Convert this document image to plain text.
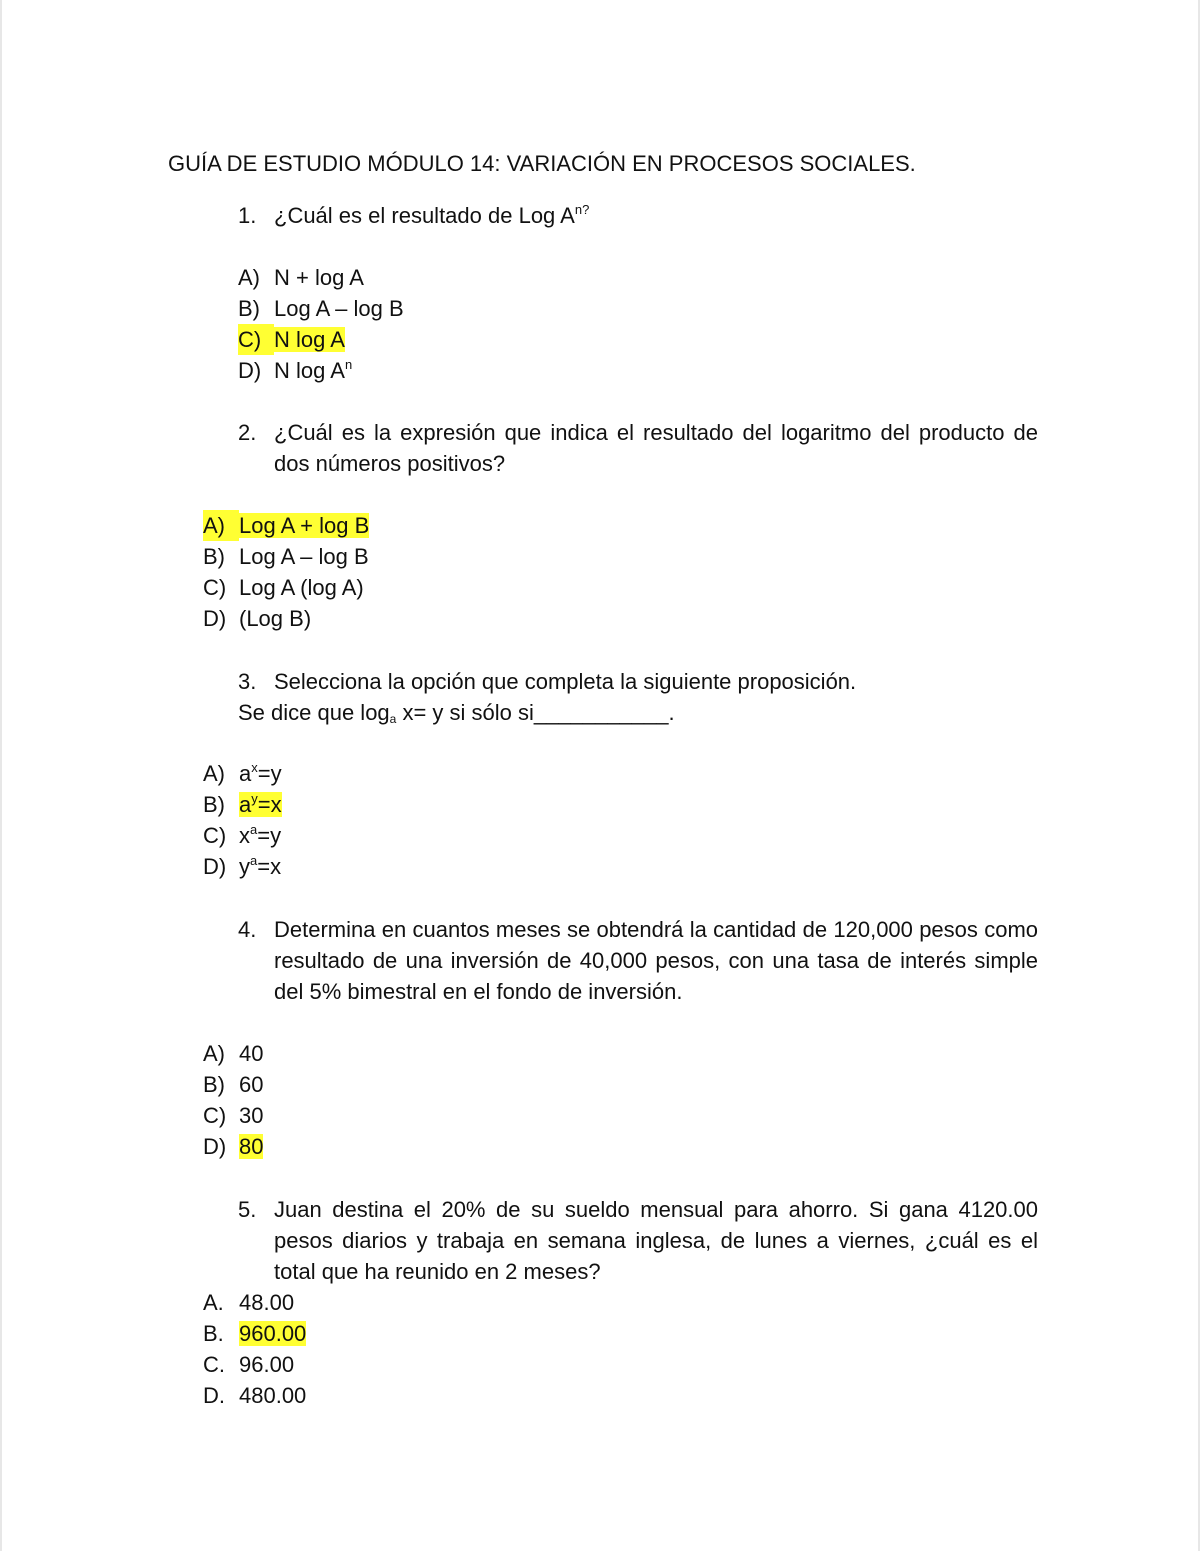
GUÍA DE ESTUDIO MÓDULO 14: VARIACIÓN EN PROCESOS SOCIALES.
1. ¿Cuál es el resultado de Log $A^{n?}$
A) N + log A
B) Log A – log B
C) N log A
D) N $\log A^n$
2. ¿Cuál es la expresión que indica el resultado del logaritmo del producto de dos números positivos?
A) Log A + log B
B) Log A – log B
C) Log A (log A)
D) (Log B)
3. Selecciona la opción que completa la siguiente proposición.
Se dice que $\log_a x= y$ si sólo si___________.
A) $a^x=y$
B) $a^y=x$
C) $x^a=y$
D) $y^a=x$
4. Determina en cuantos meses se obtendrá la cantidad de 120,000 pesos como resultado de una inversión de 40,000 pesos, con una tasa de interés simple del 5% bimestral en el fondo de inversión.
A) 40
B) 60
C) 30
D) 80
5. Juan destina el 20% de su sueldo mensual para ahorro. Si gana 4120.00 pesos diarios y trabaja en semana inglesa, de lunes a viernes, ¿cuál es el total que ha reunido en 2 meses?
A. 48.00
B. 960.00
C. 96.00
D. 480.00
